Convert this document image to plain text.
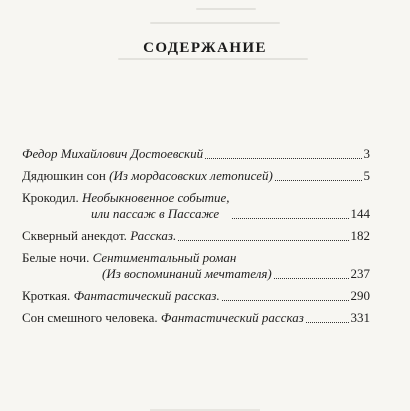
СОДЕРЖАНИЕ
Федор Михайлович Достоевский	3
Дядюшкин сон (Из мордасовских летописей)	5
Крокодил. Необыкновенное событие,
или пассаж в Пассаже	144
Скверный анекдот. Рассказ.	182
Белые ночи. Сентиментальный роман
(Из воспоминаний мечтателя)	237
Кроткая. Фантастический рассказ.	290
Сон смешного человека. Фантастический рассказ	331
